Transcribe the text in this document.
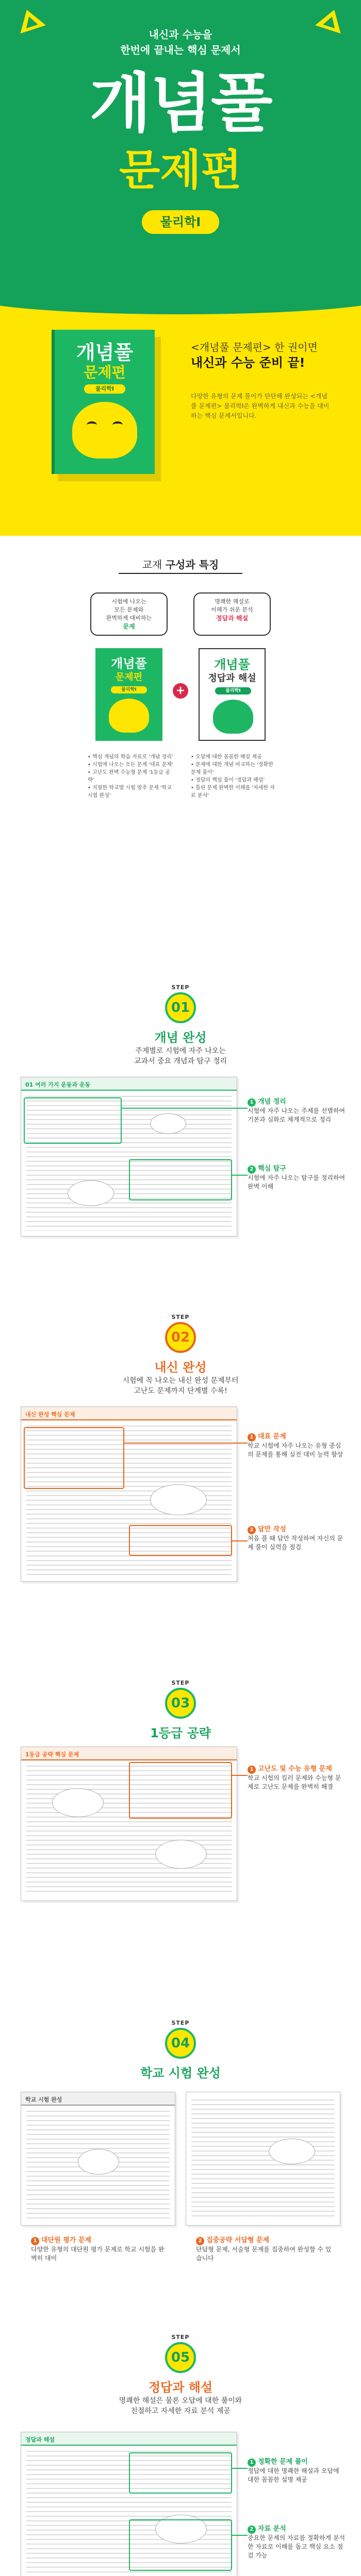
내신과 수능을
한번에 끝내는 핵심 문제서
개념풀
문제편
물리학Ⅰ
개념풀
문제편
물리학Ⅰ
<개념풀 문제편> 한 권이면
내신과 수능 준비 끝!
다양한 유형의 문제 풀이가 탄탄해 완성되는 <개념풀 문제편> 물리학Ⅰ은 완벽하게 내신과 수능을 대비하는 핵심 문제서입니다.
교재 구성과 특징
시험에 나오는
모든 문제와
완벽하게 대비하는
문제
명쾌한 해설로
이해가 쉬운 분석
정답과 해설
개념풀
문제편
물리학Ⅰ	+
개념풀
정답과 해설
물리학Ⅰ
• 핵심 개념의 학습 자료로 '개념 정리'
• 시험에 나오는 모든 문제 '대표 문제'
• 고난도 완벽 수능형 문제 '1등급 공략'
• 지필한 학교별 시험 맞추 문제 '학교시험 완성'
• 오답에 대한 꼼꼼한 해설 제공
• 문제에 대한 개념 비교하는 '정확한 문제 풀이'
• 정답의 핵심 풀이 '정답과 해설'
• 틀린 문제 완벽한 이해를 '자세한 자료 분석'
STEP
01
개념 완성
주제별로 시험에 자주 나오는
교과서 중요 개념과 탐구 정리
01 여러 가지 운동과 운동
1 개념 정리
시험에 자주 나오는 주제를 선별하여 기본과 심화로 체계적으로 정리
2 핵심 탐구
시험에 자주 나오는 탐구를 정리하여 완벽 이해
STEP
02
내신 완성
시험에 꼭 나오는 내신 완성 문제부터
고난도 문제까지 단계별 수록!
내신 완성 핵심 문제
1 대표 문제
학교 시험에 자주 나오는 유형 중심의 문제를 통해 실전 대비 능력 향상
2 답만 작성
처음 풀 때 답만 작성하여 자신의 문제 풀이 실력을 점검
STEP
03
1등급 공략
1등급 공략 핵심 문제
1 고난도 및 수능 유형 문제
학교 시험의 킬러 문제와 수능형 문제로 고난도 문제를 완벽히 해결
STEP
04
학교 시험 완성
학교 시험 완성
1 대단원 평가 문제
다양한 유형의 대단원 평가 문제로 학교 시험을 완벽히 대비
2 집중공략 서답형 문제
단답형 문제, 서술형 문제를 집중하여 완성할 수 있습니다
STEP
05
정답과 해설
명쾌한 해설은 물론 오답에 대한 풀이와
친절하고 자세한 자료 분석 제공
정답과 해설
1 정확한 문제 풀이
정답에 대한 명쾌한 해설과 오답에 대한 꼼꼼한 설명 제공
2 자료 분석
중요한 문제의 자료를 정확하게 분석한 자료로 이해를 돕고 핵심 요소 점검 가능
